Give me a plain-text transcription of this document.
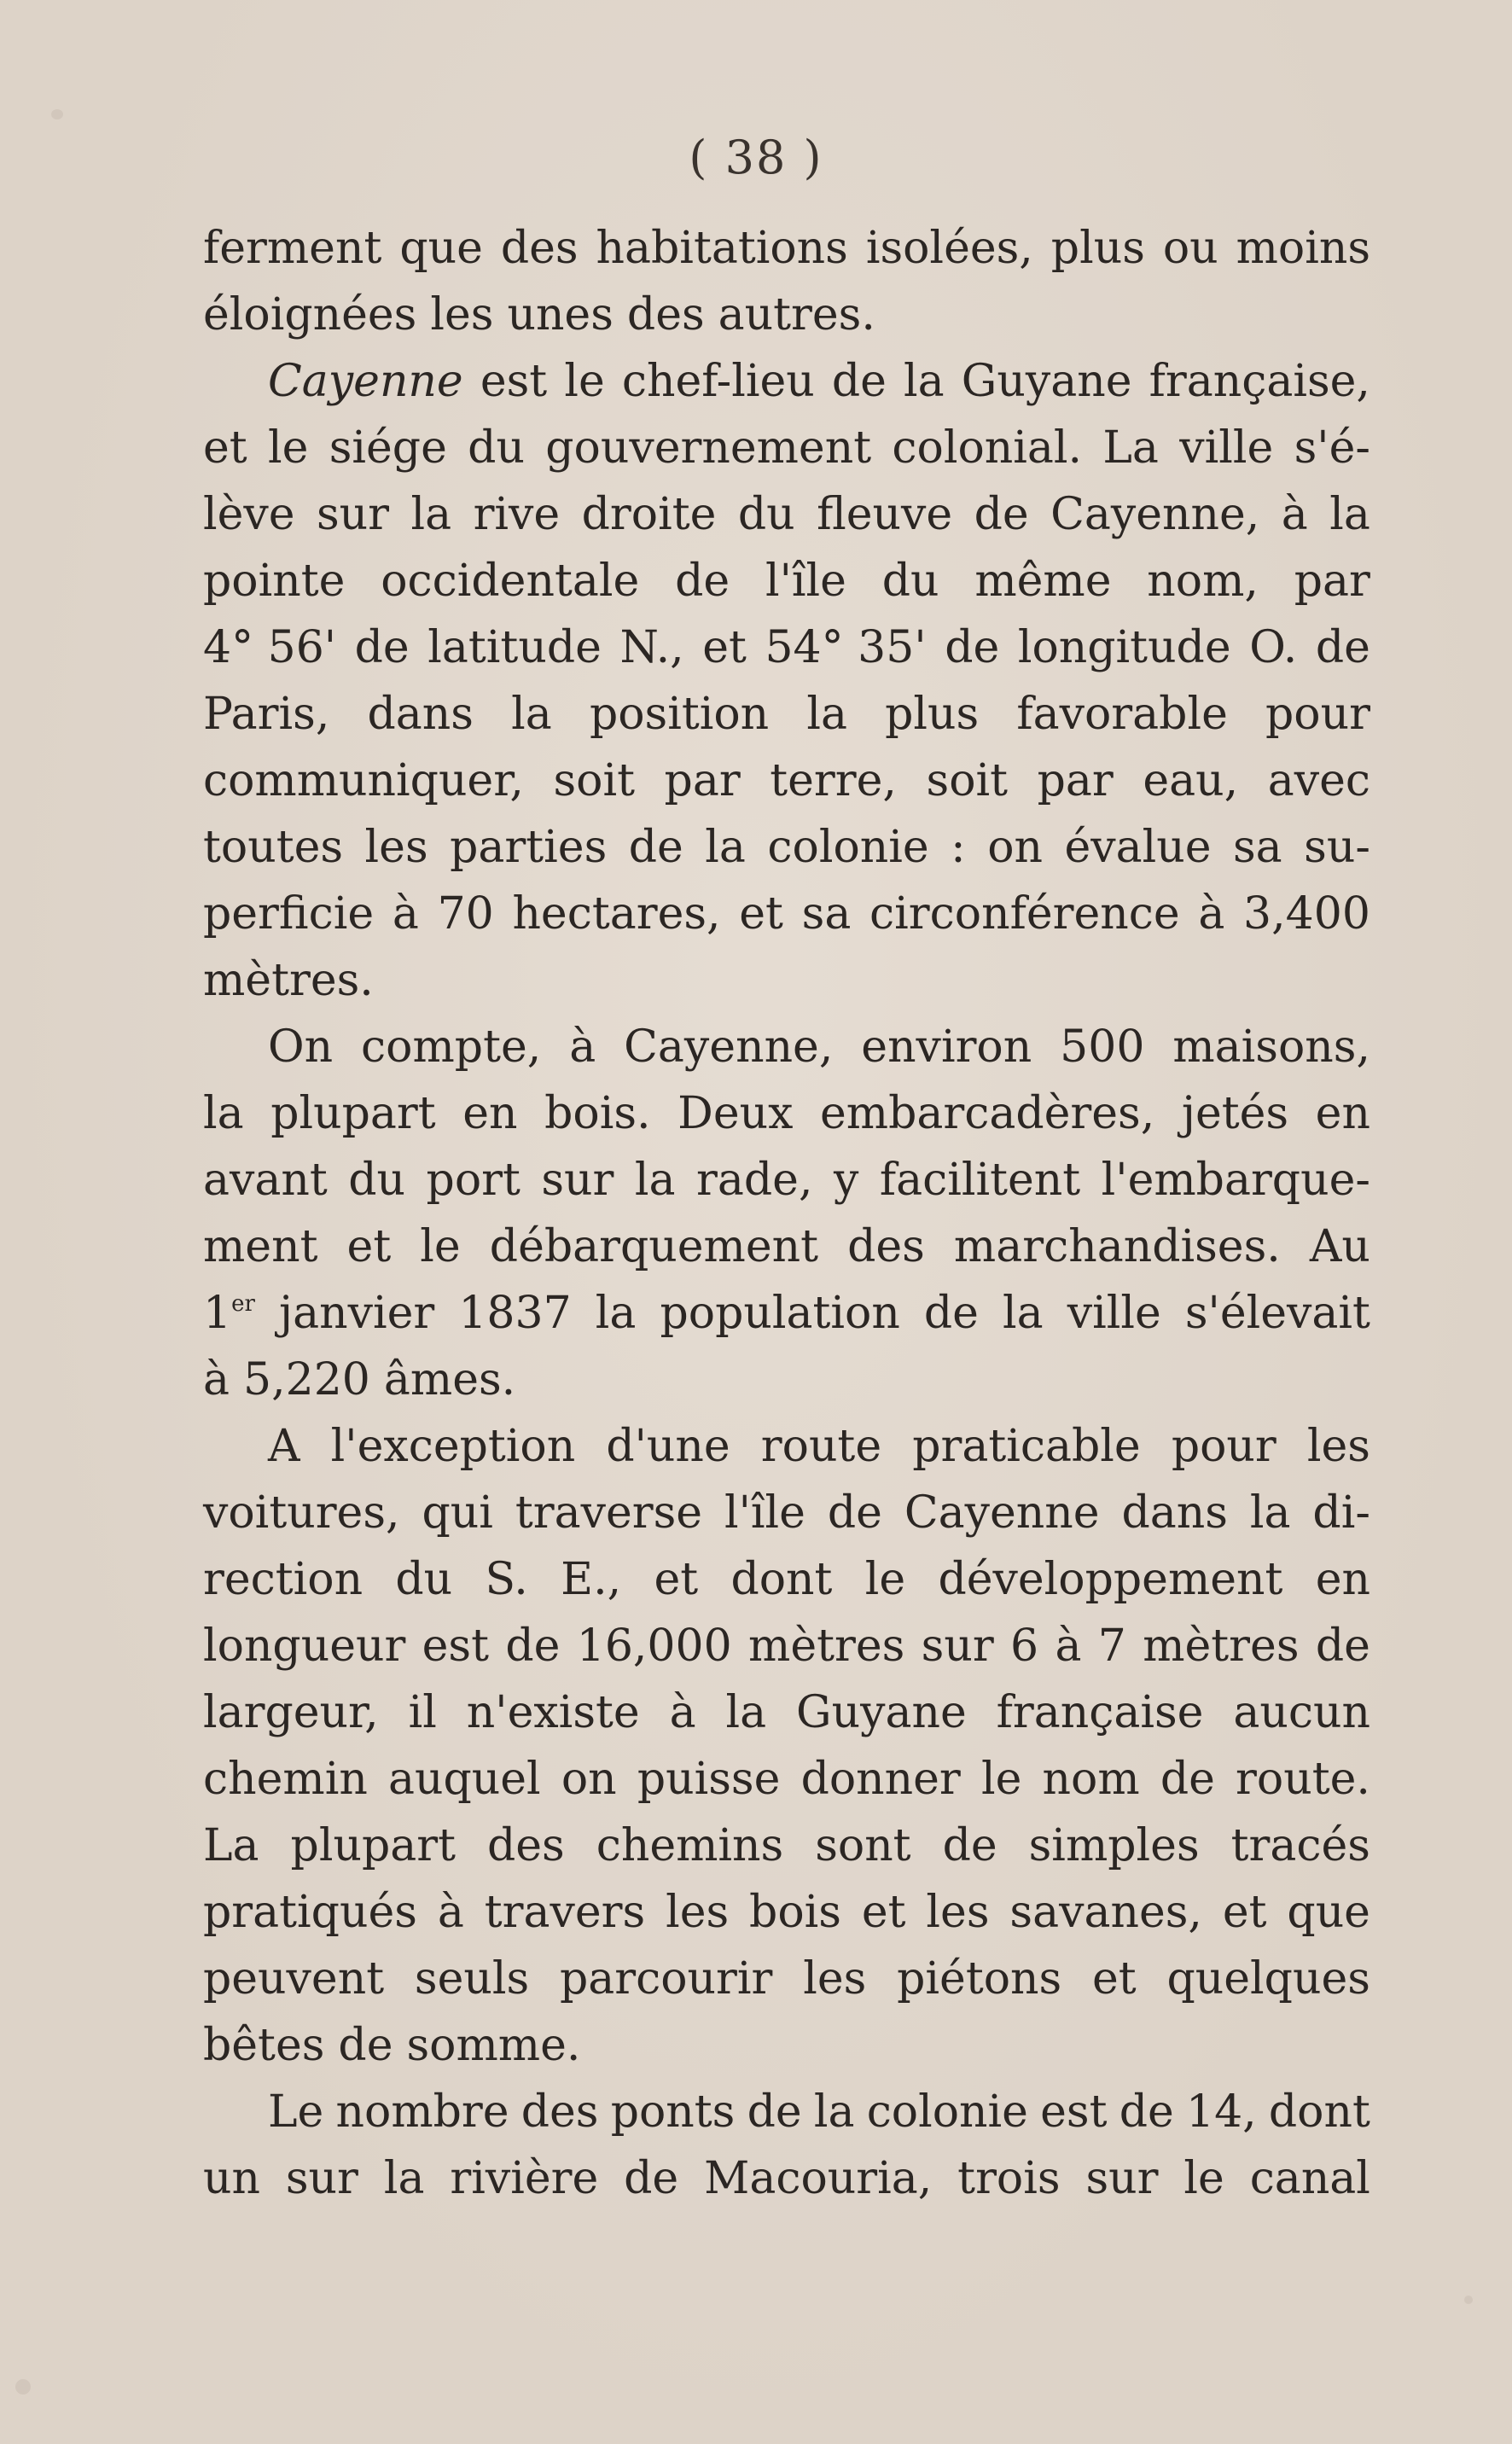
( 38 )
ferment que des habitations isolées, plus ou moins
éloignées les unes des autres.
Cayenne est le chef-lieu de la Guyane française,
et le siége du gouvernement colonial. La ville s'é-
lève sur la rive droite du fleuve de Cayenne, à la
pointe occidentale de l'île du même nom, par
4° 56' de latitude N., et 54° 35' de longitude O. de
Paris, dans la position la plus favorable pour
communiquer, soit par terre, soit par eau, avec
toutes les parties de la colonie : on évalue sa su-
perficie à 70 hectares, et sa circonférence à 3,400
mètres.
On compte, à Cayenne, environ 500 maisons,
la plupart en bois. Deux embarcadères, jetés en
avant du port sur la rade, y facilitent l'embarque-
ment et le débarquement des marchandises. Au
1er janvier 1837 la population de la ville s'élevait
à 5,220 âmes.
A l'exception d'une route praticable pour les
voitures, qui traverse l'île de Cayenne dans la di-
rection du S. E., et dont le développement en
longueur est de 16,000 mètres sur 6 à 7 mètres de
largeur, il n'existe à la Guyane française aucun
chemin auquel on puisse donner le nom de route.
La plupart des chemins sont de simples tracés
pratiqués à travers les bois et les savanes, et que
peuvent seuls parcourir les piétons et quelques
bêtes de somme.
Le nombre des ponts de la colonie est de 14, dont
un sur la rivière de Macouria, trois sur le canal
